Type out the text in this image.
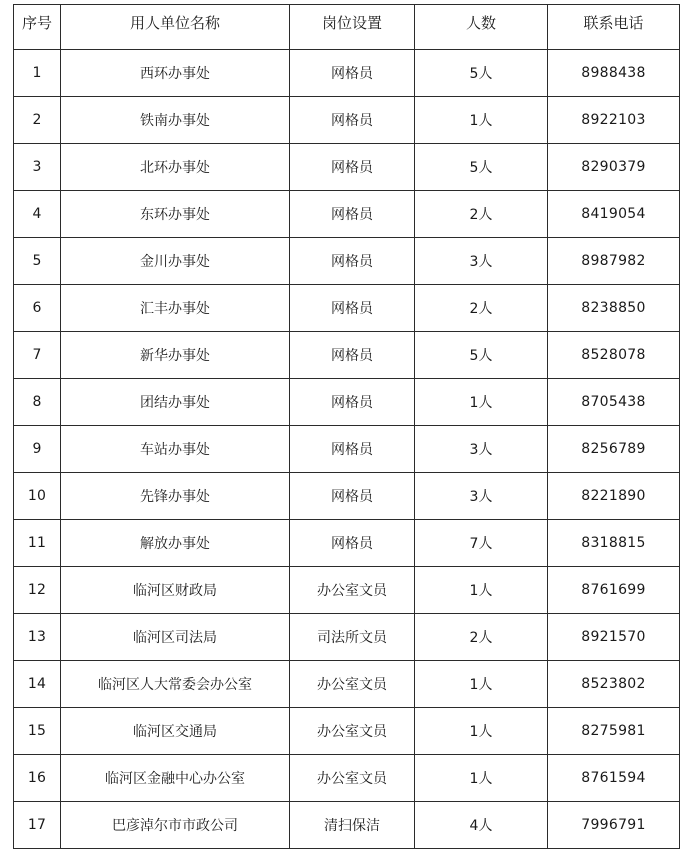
序号	用人单位名称	岗位设置	人数	联系电话
1	西环办事处	网格员	5人	8988438
2	铁南办事处	网格员	1人	8922103
3	北环办事处	网格员	5人	8290379
4	东环办事处	网格员	2人	8419054
5	金川办事处	网格员	3人	8987982
6	汇丰办事处	网格员	2人	8238850
7	新华办事处	网格员	5人	8528078
8	团结办事处	网格员	1人	8705438
9	车站办事处	网格员	3人	8256789
10	先锋办事处	网格员	3人	8221890
11	解放办事处	网格员	7人	8318815
12	临河区财政局	办公室文员	1人	8761699
13	临河区司法局	司法所文员	2人	8921570
14	临河区人大常委会办公室	办公室文员	1人	8523802
15	临河区交通局	办公室文员	1人	8275981
16	临河区金融中心办公室	办公室文员	1人	8761594
17	巴彦淖尔市市政公司	清扫保洁	4人	7996791
